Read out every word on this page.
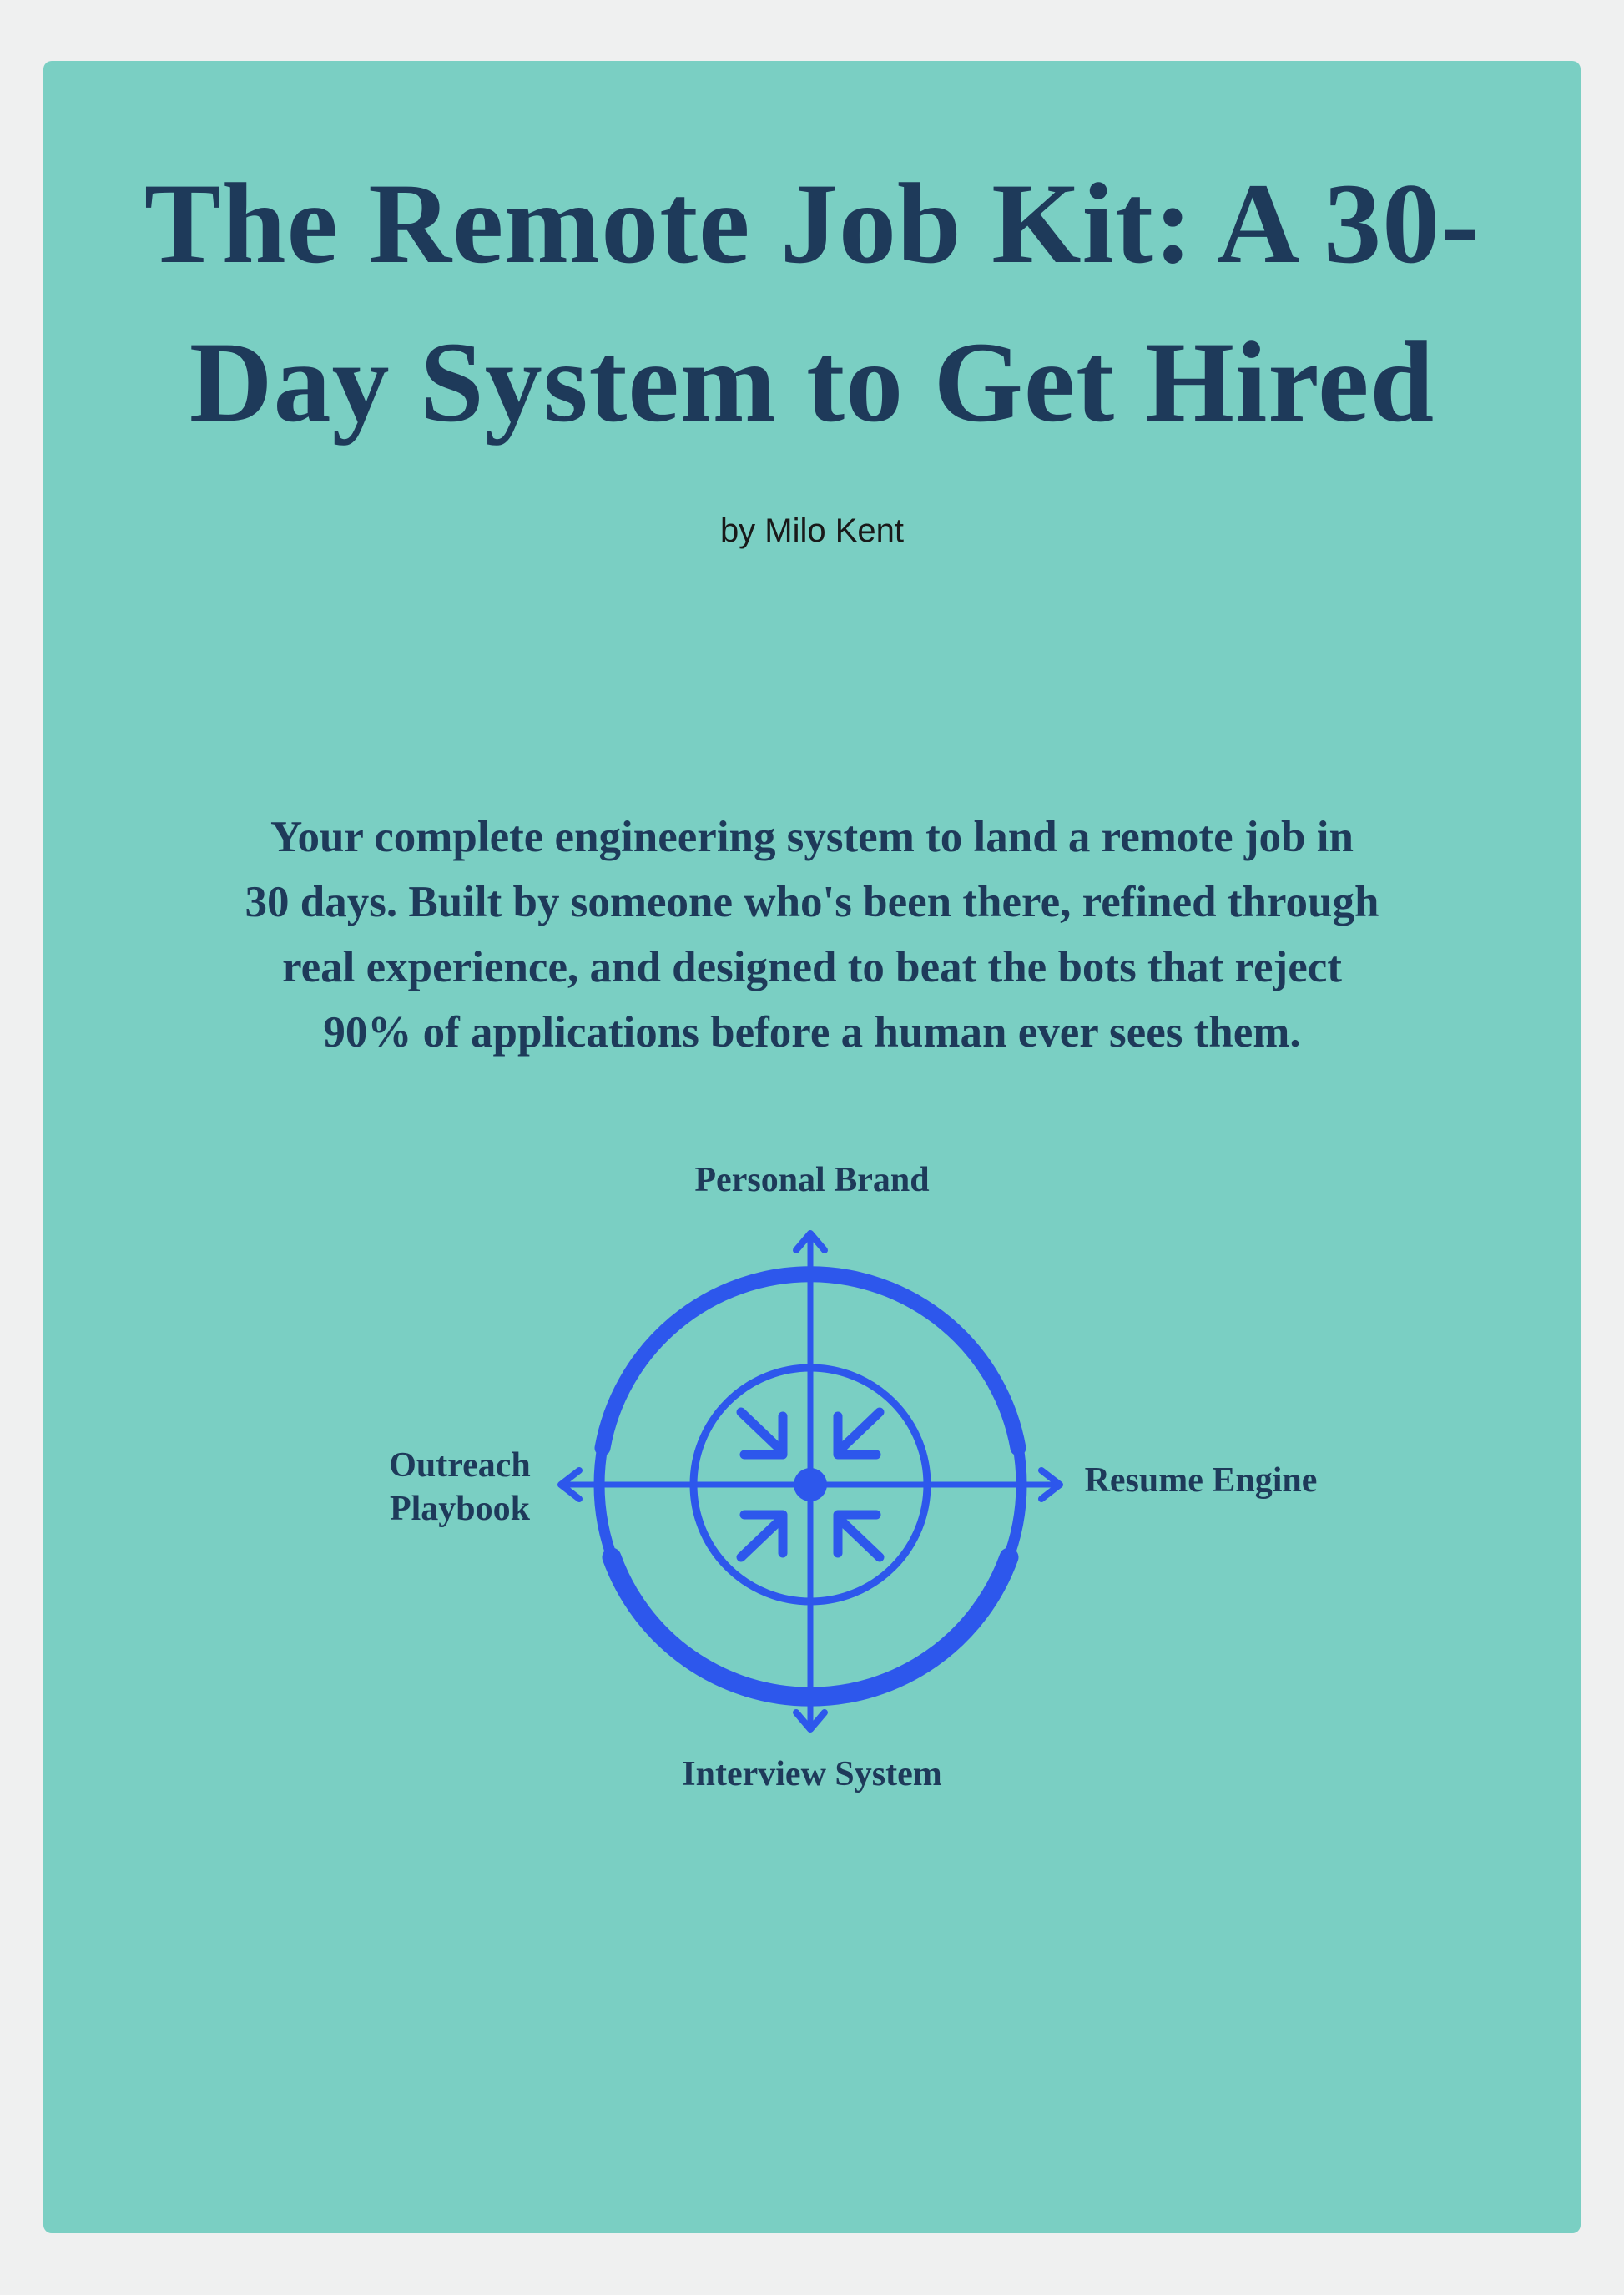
The Remote Job Kit: A 30-
Day System to Get Hired
by Milo Kent
Your complete engineering system to land a remote job in
30 days. Built by someone who's been there, refined through
real experience, and designed to beat the bots that reject
90% of applications before a human ever sees them.
Personal Brand
Outreach Playbook
Resume Engine
Interview System
